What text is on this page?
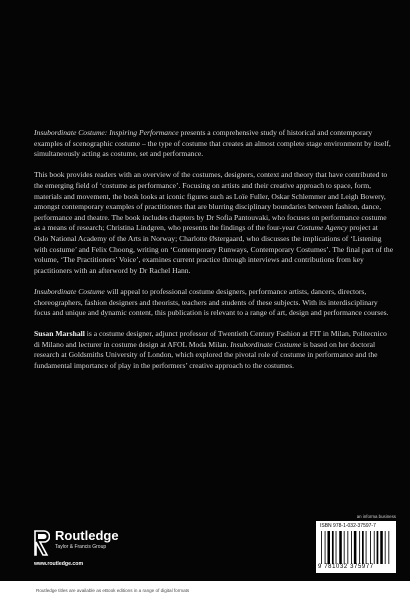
Insubordinate Costume: Inspiring Performance presents a comprehensive study of historical and contemporary examples of scenographic costume – the type of costume that creates an almost complete stage environment by itself, simultaneously acting as costume, set and performance.

This book provides readers with an overview of the costumes, designers, context and theory that have contributed to the emerging field of ‘costume as performance’. Focusing on artists and their creative approach to space, form, materials and movement, the book looks at iconic figures such as Loïe Fuller, Oskar Schlemmer and Leigh Bowery, amongst contemporary examples of practitioners that are blurring disciplinary boundaries between fashion, dance, performance and theatre. The book includes chapters by Dr Sofia Pantouvaki, who focuses on performance costume as a means of research; Christina Lindgren, who presents the findings of the four-year Costume Agency project at Oslo National Academy of the Arts in Norway; Charlotte Østergaard, who discusses the implications of ‘Listening with costume’ and Felix Choong, writing on ‘Contemporary Runways, Contemporary Costumes’. The final part of the volume, ‘The Practitioners’ Voice’, examines current practice through interviews and contributions from key practitioners with an afterword by Dr Rachel Hann.

Insubordinate Costume will appeal to professional costume designers, performance artists, dancers, directors, choreographers, fashion designers and theorists, teachers and students of these subjects. With its interdisciplinary focus and unique and dynamic content, this publication is relevant to a range of art, design and performance courses.

Susan Marshall is a costume designer, adjunct professor of Twentieth Century Fashion at FIT in Milan, Politecnico di Milano and lecturer in costume design at AFOL Moda Milan. Insubordinate Costume is based on her doctoral research at Goldsmiths University of London, which explored the pivotal role of costume in performance and the fundamental importance of play in the performers’ creative approach to the costumes.

Routledge
Taylor & Francis Group
www.routledge.com
an informa business
ISBN 978-1-032-37597-7
9 781032 375977
Routledge titles are available as eBook editions in a range of digital formats
